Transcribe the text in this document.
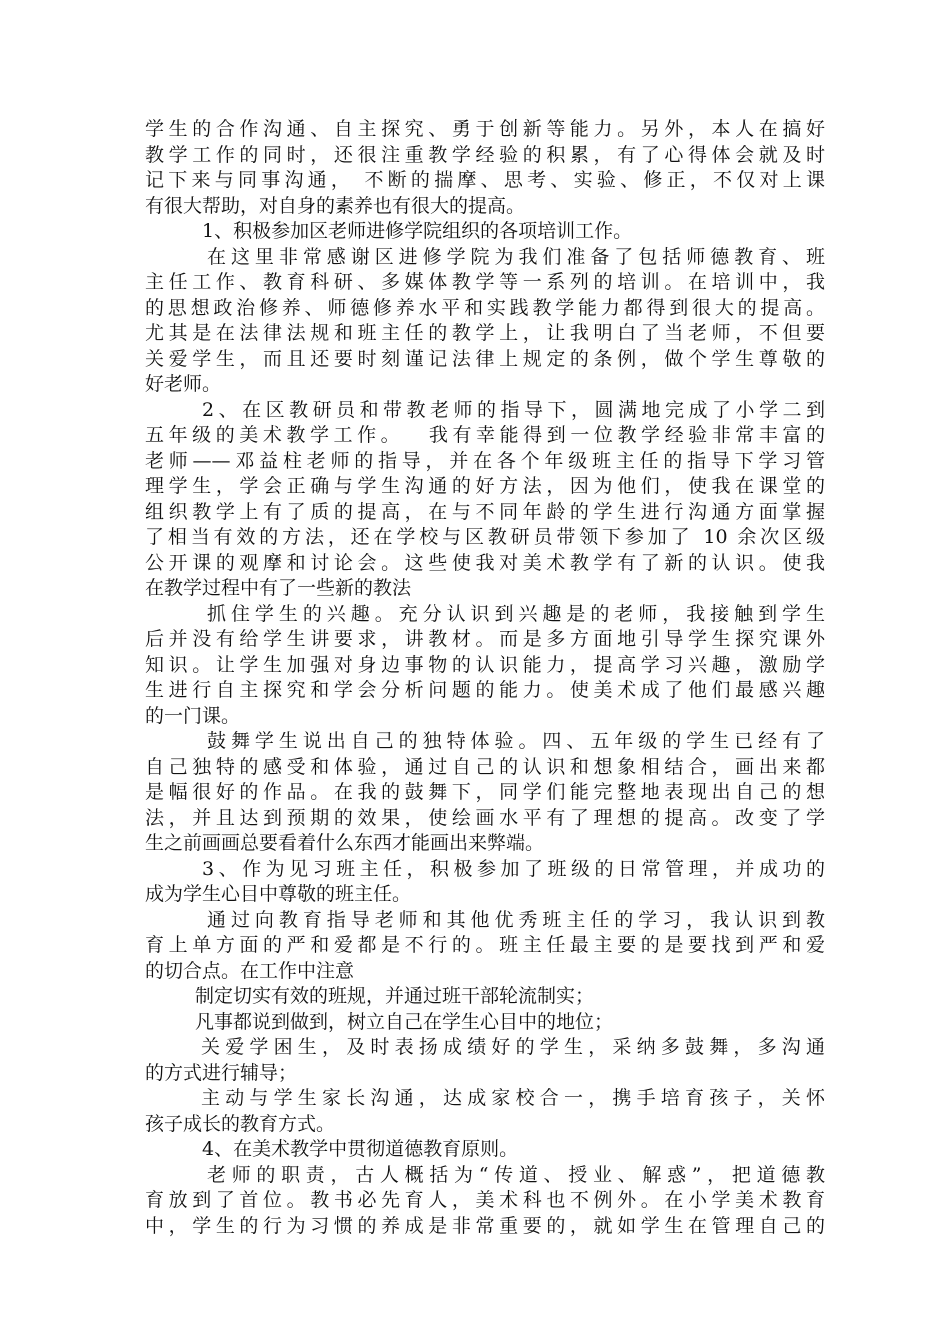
学生的合作沟通、自主探究、勇于创新等能力。另外，本人在搞好
教学工作的同时，还很注重教学经验的积累，有了心得体会就及时
记下来与同事沟通， 不断的揣摩、思考、实验、修正，不仅对上课
有很大帮助，对自身的素养也有很大的提高。
1、积极参加区老师进修学院组织的各项培训工作。
在这里非常感谢区进修学院为我们准备了包括师德教育、班
主任工作、教育科研、多媒体教学等一系列的培训。在培训中，我
的思想政治修养、师德修养水平和实践教学能力都得到很大的提高。
尤其是在法律法规和班主任的教学上，让我明白了当老师，不但要
关爱学生，而且还要时刻谨记法律上规定的条例，做个学生尊敬的
好老师。
2、在区教研员和带教老师的指导下，圆满地完成了小学二到
五年级的美术教学工作。　 我有幸能得到一位教学经验非常丰富的
老师——邓益柱老师的指导，并在各个年级班主任的指导下学习管
理学生，学会正确与学生沟通的好方法，因为他们，使我在课堂的
组织教学上有了质的提高，在与不同年龄的学生进行沟通方面掌握
了相当有效的方法，还在学校与区教研员带领下参加了 10 余次区级
公开课的观摩和讨论会。这些使我对美术教学有了新的认识。使我
在教学过程中有了一些新的教法
抓住学生的兴趣。充分认识到兴趣是的老师，我接触到学生
后并没有给学生讲要求，讲教材。而是多方面地引导学生探究课外
知识。让学生加强对身边事物的认识能力，提高学习兴趣，激励学
生进行自主探究和学会分析问题的能力。使美术成了他们最感兴趣
的一门课。
鼓舞学生说出自己的独特体验。四、五年级的学生已经有了
自己独特的感受和体验，通过自己的认识和想象相结合，画出来都
是幅很好的作品。在我的鼓舞下，同学们能完整地表现出自己的想
法，并且达到预期的效果，使绘画水平有了理想的提高。改变了学
生之前画画总要看着什么东西才能画出来弊端。
3、作为见习班主任，积极参加了班级的日常管理，并成功的
成为学生心目中尊敬的班主任。
通过向教育指导老师和其他优秀班主任的学习，我认识到教
育上单方面的严和爱都是不行的。班主任最主要的是要找到严和爱
的切合点。在工作中注意
制定切实有效的班规，并通过班干部轮流制实；
凡事都说到做到，树立自己在学生心目中的地位；
关爱学困生，及时表扬成绩好的学生，采纳多鼓舞，多沟通
的方式进行辅导；
主动与学生家长沟通，达成家校合一，携手培育孩子，关怀
孩子成长的教育方式。
4、在美术教学中贯彻道德教育原则。
老师的职责，古人概括为“传道、授业、解惑”，把道德教
育放到了首位。教书必先育人，美术科也不例外。在小学美术教育
中，学生的行为习惯的养成是非常重要的，就如学生在管理自己的
